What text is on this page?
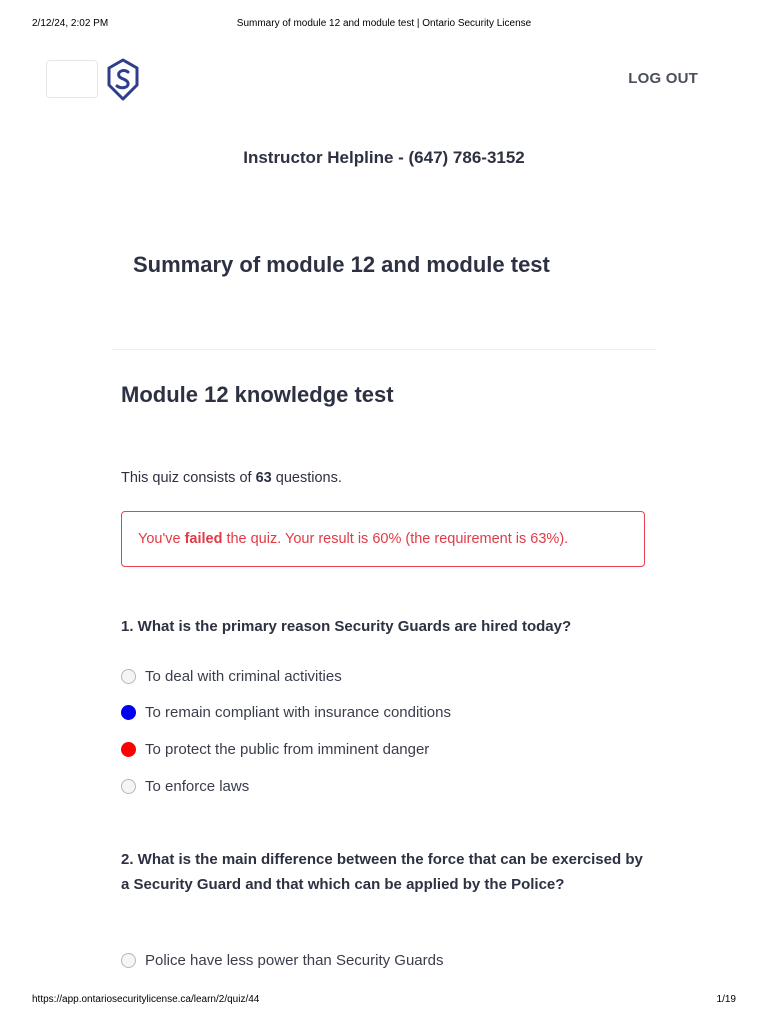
2/12/24, 2:02 PM	Summary of module 12 and module test | Ontario Security License
LOG OUT
Instructor Helpline - (647) 786-3152
Summary of module 12 and module test
Module 12 knowledge test
This quiz consists of 63 questions.
You've failed the quiz. Your result is 60% (the requirement is 63%).

1. What is the primary reason Security Guards are hired today?

To deal with criminal activities
To remain compliant with insurance conditions
To protect the public from imminent danger
To enforce laws

2. What is the main difference between the force that can be exercised by a Security Guard and that which can be applied by the Police?

Police have less power than Security Guards
https://app.ontariosecuritylicense.ca/learn/2/quiz/44	1/19
